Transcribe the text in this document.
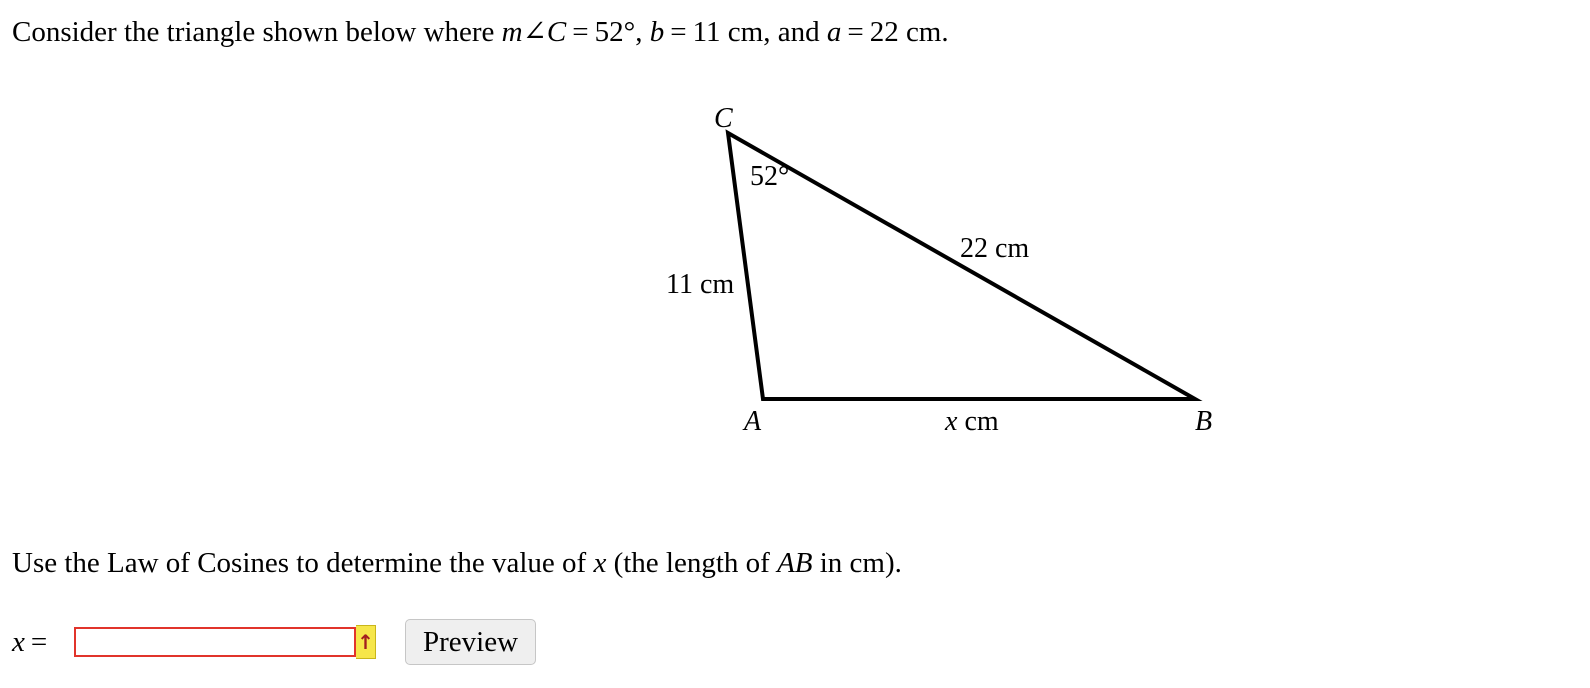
Consider the triangle shown below where m∠C = 52°, b = 11 cm, and a = 22 cm.
C
A	B
52°
11 cm
22 cm
x cm
Use the Law of Cosines to determine the value of x (the length of AB in cm).
x =	↑	Preview
